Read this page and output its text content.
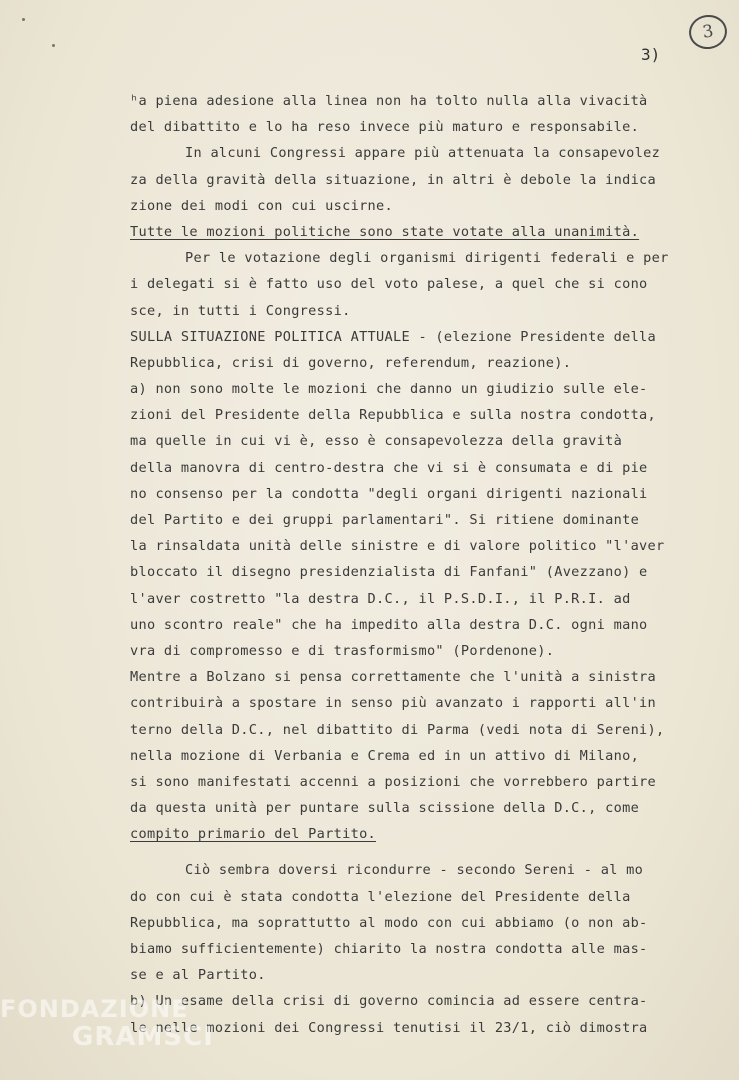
3
3)
ʰa piena adesione alla linea non ha tolto nulla alla vivacità
del dibattito e lo ha reso invece più maturo e responsabile.
In alcuni Congressi appare più attenuata la consapevolez
za della gravità della situazione, in altri è debole la indica
zione dei modi con cui uscirne.
Tutte le mozioni politiche sono state votate alla unanimità.
Per le votazione degli organismi dirigenti federali e per
i delegati si è fatto uso del voto palese, a quel che si cono
sce, in tutti i Congressi.
SULLA SITUAZIONE POLITICA ATTUALE - (elezione Presidente della
Repubblica, crisi di governo, referendum, reazione).
a) non sono molte le mozioni che danno un giudizio sulle ele-
zioni del Presidente della Repubblica e sulla nostra condotta,
ma quelle in cui vi è, esso è consapevolezza della gravità
della manovra di centro-destra che vi si è consumata e di pie
no consenso per la condotta "degli organi dirigenti nazionali
del Partito e dei gruppi parlamentari". Si ritiene dominante
la rinsaldata unità delle sinistre e di valore politico "l'aver
bloccato il disegno presidenzialista di Fanfani" (Avezzano) e
l'aver costretto "la destra D.C., il P.S.D.I., il P.R.I. ad
uno scontro reale" che ha impedito alla destra D.C. ogni mano
vra di compromesso e di trasformismo" (Pordenone).
Mentre a Bolzano si pensa correttamente che l'unità a sinistra
contribuirà a spostare in senso più avanzato i rapporti all'in
terno della D.C., nel dibattito di Parma (vedi nota di Sereni),
nella mozione di Verbania e Crema ed in un attivo di Milano,
si sono manifestati accenni a posizioni che vorrebbero partire
da questa unità per puntare sulla scissione della D.C., come
compito primario del Partito.
Ciò sembra doversi ricondurre - secondo Sereni - al mo
do con cui è stata condotta l'elezione del Presidente della
Repubblica, ma soprattutto al modo con cui abbiamo (o non ab-
biamo sufficientemente) chiarito la nostra condotta alle mas-
se e al Partito.
b) Un esame della crisi di governo comincia ad essere centra-
le nelle mozioni dei Congressi tenutisi il 23/1, ciò dimostra
FONDAZIONE
GRAMSCI
